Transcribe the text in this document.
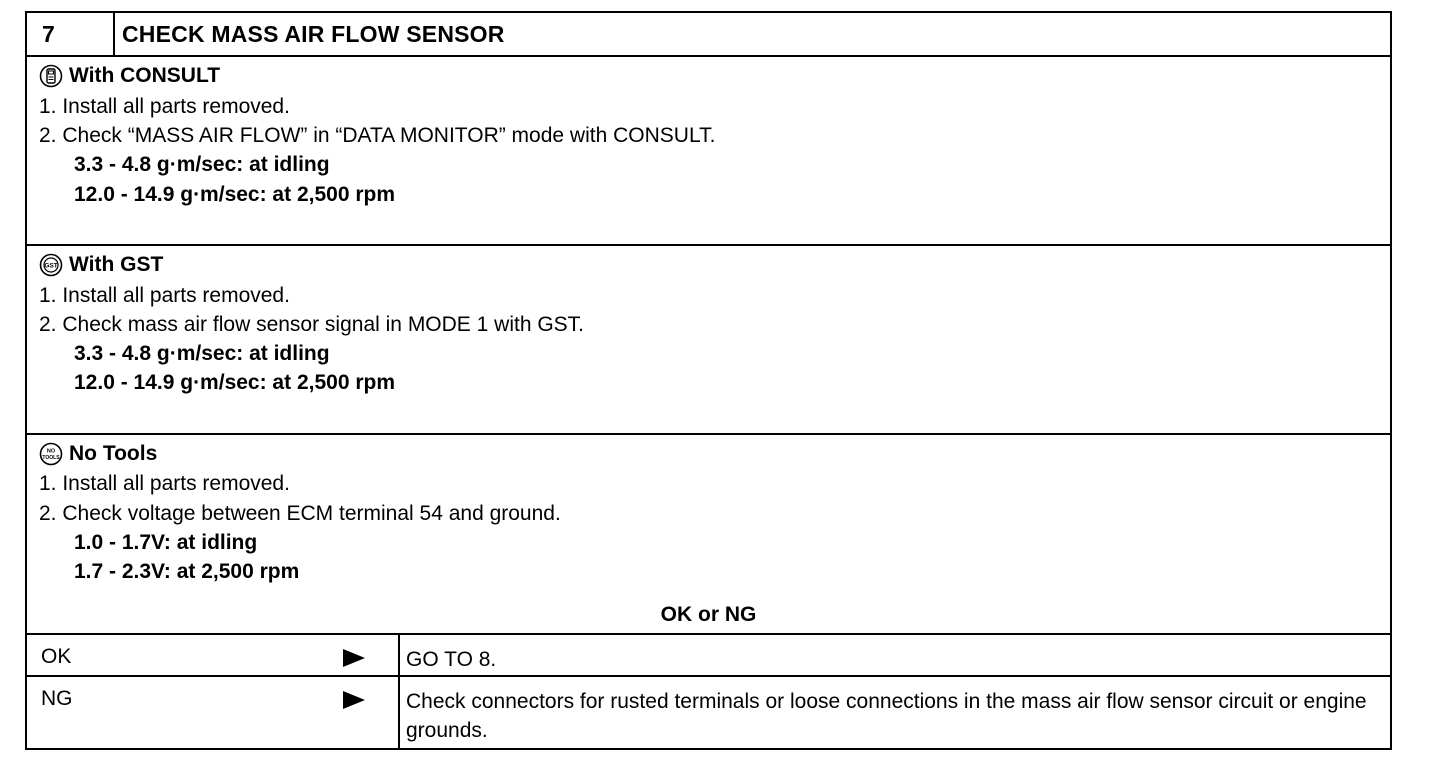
7	CHECK MASS AIR FLOW SENSOR
With CONSULT
1. Install all parts removed.
2. Check “MASS AIR FLOW” in “DATA MONITOR” mode with CONSULT.
3.3 - 4.8 g·m/sec: at idling
12.0 - 14.9 g·m/sec: at 2,500 rpm
GST With GST
1. Install all parts removed.
2. Check mass air flow sensor signal in MODE 1 with GST.
3.3 - 4.8 g·m/sec: at idling
12.0 - 14.9 g·m/sec: at 2,500 rpm
NO
TOOLS No Tools
1. Install all parts removed.
2. Check voltage between ECM terminal 54 and ground.
1.0 - 1.7V: at idling
1.7 - 2.3V: at 2,500 rpm
OK or NG
OK	GO TO 8.
NG	Check connectors for rusted terminals or loose connections in the mass air flow sensor circuit or engine grounds.
